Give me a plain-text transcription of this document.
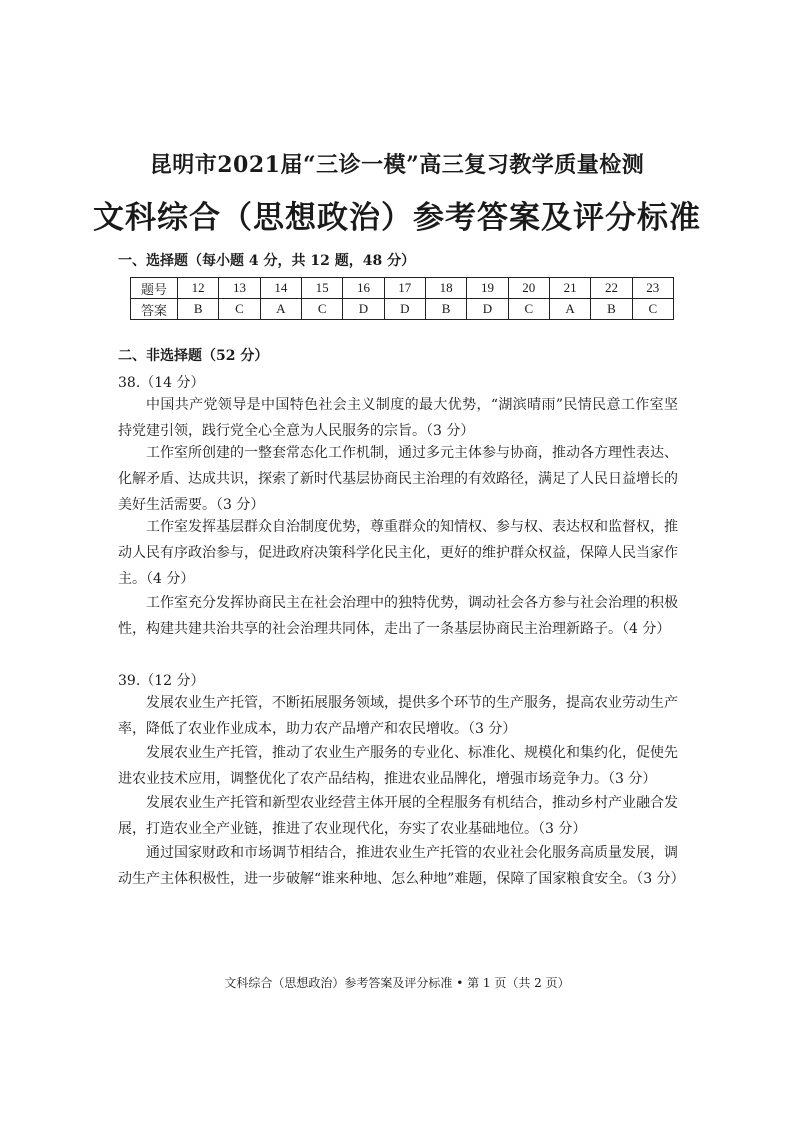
昆明市2021届“三诊一模”高三复习教学质量检测
文科综合（思想政治）参考答案及评分标准
一、选择题（每小题 4 分，共 12 题，48 分）
题号	12	13	14	15	16	17	18	19	20	21	22	23
答案	B	C	A	C	D	D	B	D	C	A	B	C
二、非选择题（52 分）
38.（14 分）
中国共产党领导是中国特色社会主义制度的最大优势，“湖滨晴雨”民情民意工作室坚持党建引领，践行党全心全意为人民服务的宗旨。（3 分）
工作室所创建的一整套常态化工作机制，通过多元主体参与协商，推动各方理性表达、化解矛盾、达成共识，探索了新时代基层协商民主治理的有效路径，满足了人民日益增长的美好生活需要。（3 分）
工作室发挥基层群众自治制度优势，尊重群众的知情权、参与权、表达权和监督权，推动人民有序政治参与，促进政府决策科学化民主化，更好的维护群众权益，保障人民当家作主。（4 分）
工作室充分发挥协商民主在社会治理中的独特优势，调动社会各方参与社会治理的积极性，构建共建共治共享的社会治理共同体，走出了一条基层协商民主治理新路子。（4 分）
39.（12 分）
发展农业生产托管，不断拓展服务领域，提供多个环节的生产服务，提高农业劳动生产率，降低了农业作业成本，助力农产品增产和农民增收。（3 分）
发展农业生产托管，推动了农业生产服务的专业化、标准化、规模化和集约化，促使先进农业技术应用，调整优化了农产品结构，推进农业品牌化，增强市场竞争力。（3 分）
发展农业生产托管和新型农业经营主体开展的全程服务有机结合，推动乡村产业融合发展，打造农业全产业链，推进了农业现代化，夯实了农业基础地位。（3 分）
通过国家财政和市场调节相结合，推进农业生产托管的农业社会化服务高质量发展，调动生产主体积极性，进一步破解“谁来种地、怎么种地”难题，保障了国家粮食安全。（3 分）
文科综合（思想政治）参考答案及评分标准 • 第 1 页（共 2 页）
